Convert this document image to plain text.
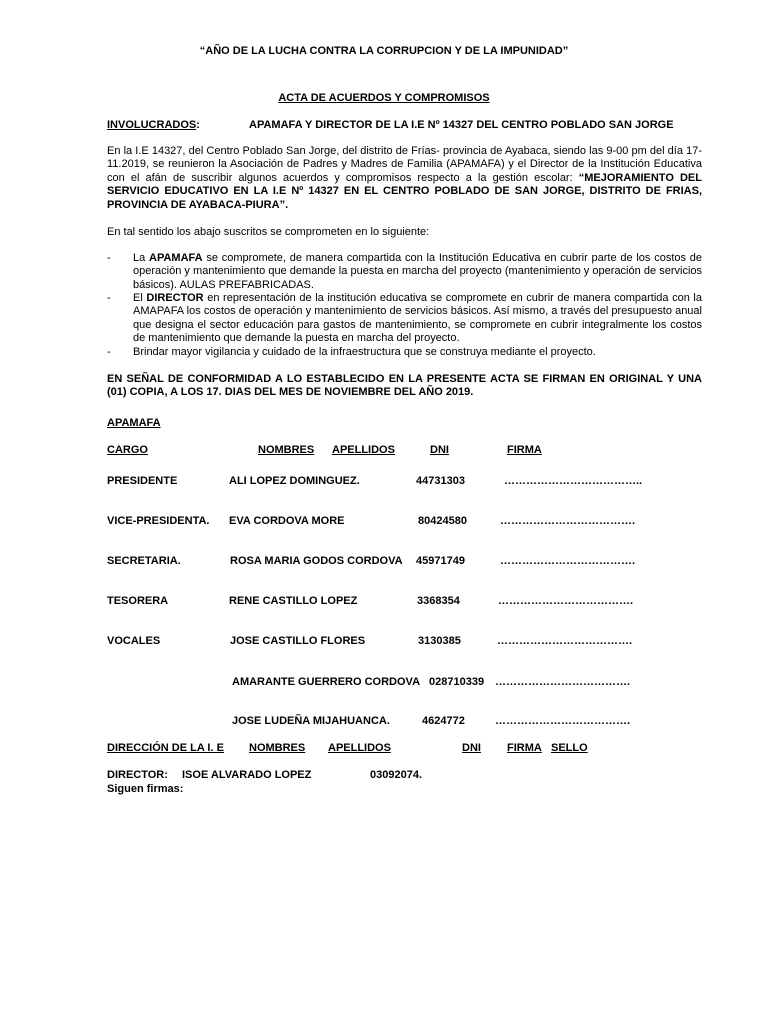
“AÑO DE LA LUCHA CONTRA LA CORRUPCION Y DE LA IMPUNIDAD”
ACTA DE ACUERDOS Y COMPROMISOS
INVOLUCRADOS:	APAMAFA Y DIRECTOR DE LA I.E Nº 14327 DEL CENTRO POBLADO SAN JORGE
En la I.E 14327, del Centro Poblado San Jorge, del distrito de Frías- provincia de Ayabaca, siendo las 9-00 pm del día 17-11.2019, se reunieron la Asociación de Padres y Madres de Familia (APAMAFA) y el Director de la Institución Educativa con el afán de suscribir algunos acuerdos y compromisos respecto a la gestión escolar: “MEJORAMIENTO DEL SERVICIO EDUCATIVO EN LA I.E Nº 14327 EN EL CENTRO POBLADO DE SAN JORGE, DISTRITO DE FRIAS, PROVINCIA DE AYABACA-PIURA”.
En tal sentido los abajo suscritos se comprometen en lo siguiente:
- La APAMAFA se compromete, de manera compartida con la Institución Educativa en cubrir parte de los costos de operación y mantenimiento que demande la puesta en marcha del proyecto (mantenimiento y operación de servicios básicos). AULAS PREFABRICADAS.
- El DIRECTOR en representación de la institución educativa se compromete en cubrir de manera compartida con la AMAPAFA los costos de operación y mantenimiento de servicios básicos. Así mismo, a través del presupuesto anual que designa el sector educación para gastos de mantenimiento, se compromete en cubrir integralmente los costos de mantenimiento que demande la puesta en marcha del proyecto.
- Brindar mayor vigilancia y cuidado de la infraestructura que se construya mediante el proyecto.
EN SEÑAL DE CONFORMIDAD A LO ESTABLECIDO EN LA PRESENTE ACTA SE FIRMAN EN ORIGINAL Y UNA (01) COPIA, A LOS 17. DIAS DEL MES DE NOVIEMBRE DEL AÑO 2019.
APAMAFA
CARGO	NOMBRES APELLIDOS	DNI	FIRMA
PRESIDENTE	ALI LOPEZ DOMINGUEZ.	44731303	………………………………..
VICE-PRESIDENTA. EVA CORDOVA MORE	80424580	……………………………….
SECRETARIA.	ROSA MARIA GODOS CORDOVA 45971749	……………………………….
TESORERA	RENE CASTILLO LOPEZ	3368354	……………………………….
VOCALES	JOSE CASTILLO FLORES	3130385	……………………………….
AMARANTE GUERRERO CORDOVA 028710339 ……………………………….
JOSE LUDEÑA MIJAHUANCA.	4624772	……………………………….
DIRECCIÓN DE LA I. E NOMBRES APELLIDOS	DNI FIRMA SELLO
DIRECTOR: ISOE ALVARADO LOPEZ	03092074.
Siguen firmas:
